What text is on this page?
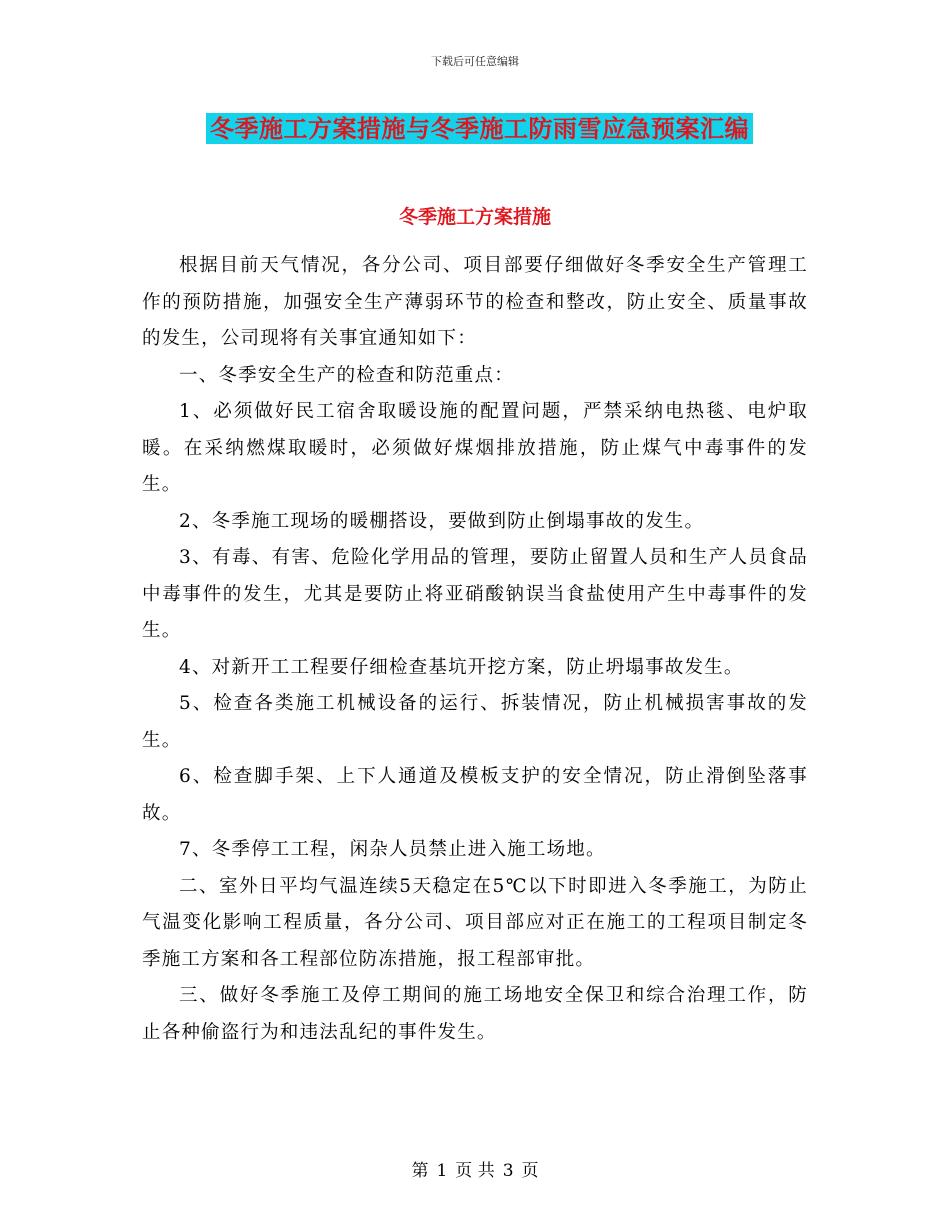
下载后可任意编辑
冬季施工方案措施与冬季施工防雨雪应急预案汇编
冬季施工方案措施

根据目前天气情况，各分公司、项目部要仔细做好冬季安全生产管理工作的预防措施，加强安全生产薄弱环节的检查和整改，防止安全、质量事故的发生，公司现将有关事宜通知如下：

一、冬季安全生产的检查和防范重点：

1、必须做好民工宿舍取暖设施的配置问题，严禁采纳电热毯、电炉取暖。在采纳燃煤取暖时，必须做好煤烟排放措施，防止煤气中毒事件的发生。

2、冬季施工现场的暖棚搭设，要做到防止倒塌事故的发生。

3、有毒、有害、危险化学用品的管理，要防止留置人员和生产人员食品中毒事件的发生，尤其是要防止将亚硝酸钠误当食盐使用产生中毒事件的发生。

4、对新开工工程要仔细检查基坑开挖方案，防止坍塌事故发生。

5、检查各类施工机械设备的运行、拆装情况，防止机械损害事故的发生。

6、检查脚手架、上下人通道及模板支护的安全情况，防止滑倒坠落事故。

7、冬季停工工程，闲杂人员禁止进入施工场地。

二、室外日平均气温连续5天稳定在5℃以下时即进入冬季施工，为防止气温变化影响工程质量，各分公司、项目部应对正在施工的工程项目制定冬季施工方案和各工程部位防冻措施，报工程部审批。

三、做好冬季施工及停工期间的施工场地安全保卫和综合治理工作，防止各种偷盗行为和违法乱纪的事件发生。

第 1 页 共 3 页
